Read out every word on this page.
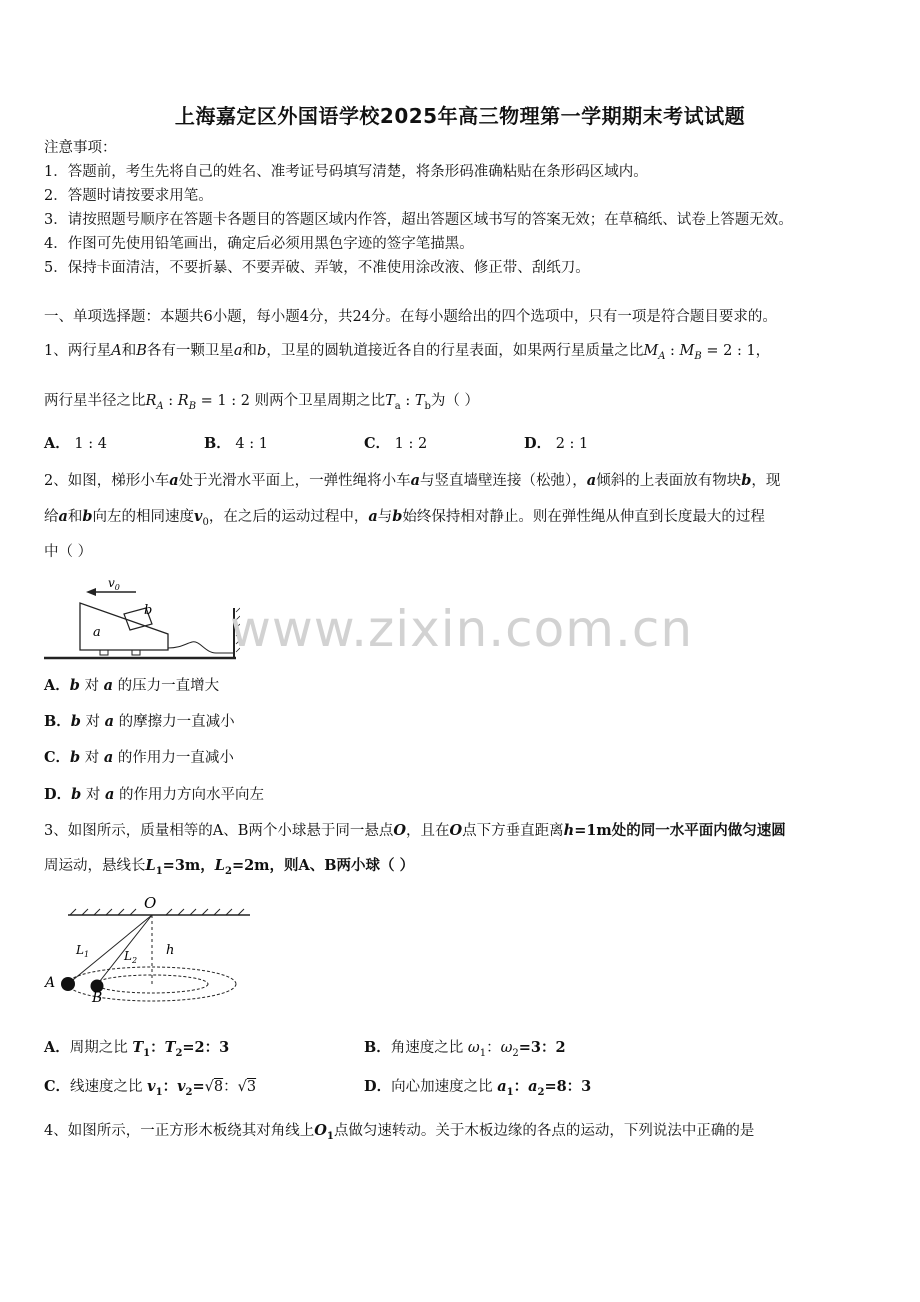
上海嘉定区外国语学校2025年高三物理第一学期期末考试试题
注意事项：
1．答题前，考生先将自己的姓名、准考证号码填写清楚，将条形码准确粘贴在条形码区域内。
2．答题时请按要求用笔。
3．请按照题号顺序在答题卡各题目的答题区域内作答，超出答题区域书写的答案无效；在草稿纸、试卷上答题无效。
4．作图可先使用铅笔画出，确定后必须用黑色字迹的签字笔描黑。
5．保持卡面清洁，不要折暴、不要弄破、弄皱，不准使用涂改液、修正带、刮纸刀。
一、单项选择题：本题共6小题，每小题4分，共24分。在每小题给出的四个选项中，只有一项是符合题目要求的。
1、两行星A和B各有一颗卫星a和b，卫星的圆轨道接近各自的行星表面，如果两行星质量之比$M_A$ : $M_B = 2$ : 1，
两行星半径之比$R_A$ : $R_B = 1$ : 2 则两个卫星周期之比$T_a$ : $T_b$为（ ）
A． 1 : 4	B． 4 : 1	C． 1 : 2	D． 2 : 1
2、如图，梯形小车a处于光滑水平面上，一弹性绳将小车a与竖直墙壁连接（松弛），a倾斜的上表面放有物块b，现
给a和b向左的相同速度$v_0$，在之后的运动过程中，a与b始终保持相对静止。则在弹性绳从伸直到长度最大的过程
中（ ）
$v_0$
a
b www.zixin.com.cn
A．b 对 a 的压力一直增大
B．b 对 a 的摩擦力一直减小
C．b 对 a 的作用力一直减小
D．b 对 a 的作用力方向水平向左
3、如图所示，质量相等的A、B两个小球悬于同一悬点O，且在O点下方垂直距离h=1m处的同一水平面内做匀速圆
周运动，悬线长$L_1=3m$，$L_2=2m$，则A、B两小球（ ）
O
$L_1$	$L_2$
h
A
B
A．周期之比 $T_1$：$T_2=2$：3	B．角速度之比 $\omega_1$：$\omega_2=3$：2
C．线速度之比 $v_1$：$v_2=√8$：√3	D．向心加速度之比 $a_1$：$a_2=8$：3
4、如图所示，一正方形木板绕其对角线上$O_1$点做匀速转动。关于木板边缘的各点的运动，下列说法中正确的是
